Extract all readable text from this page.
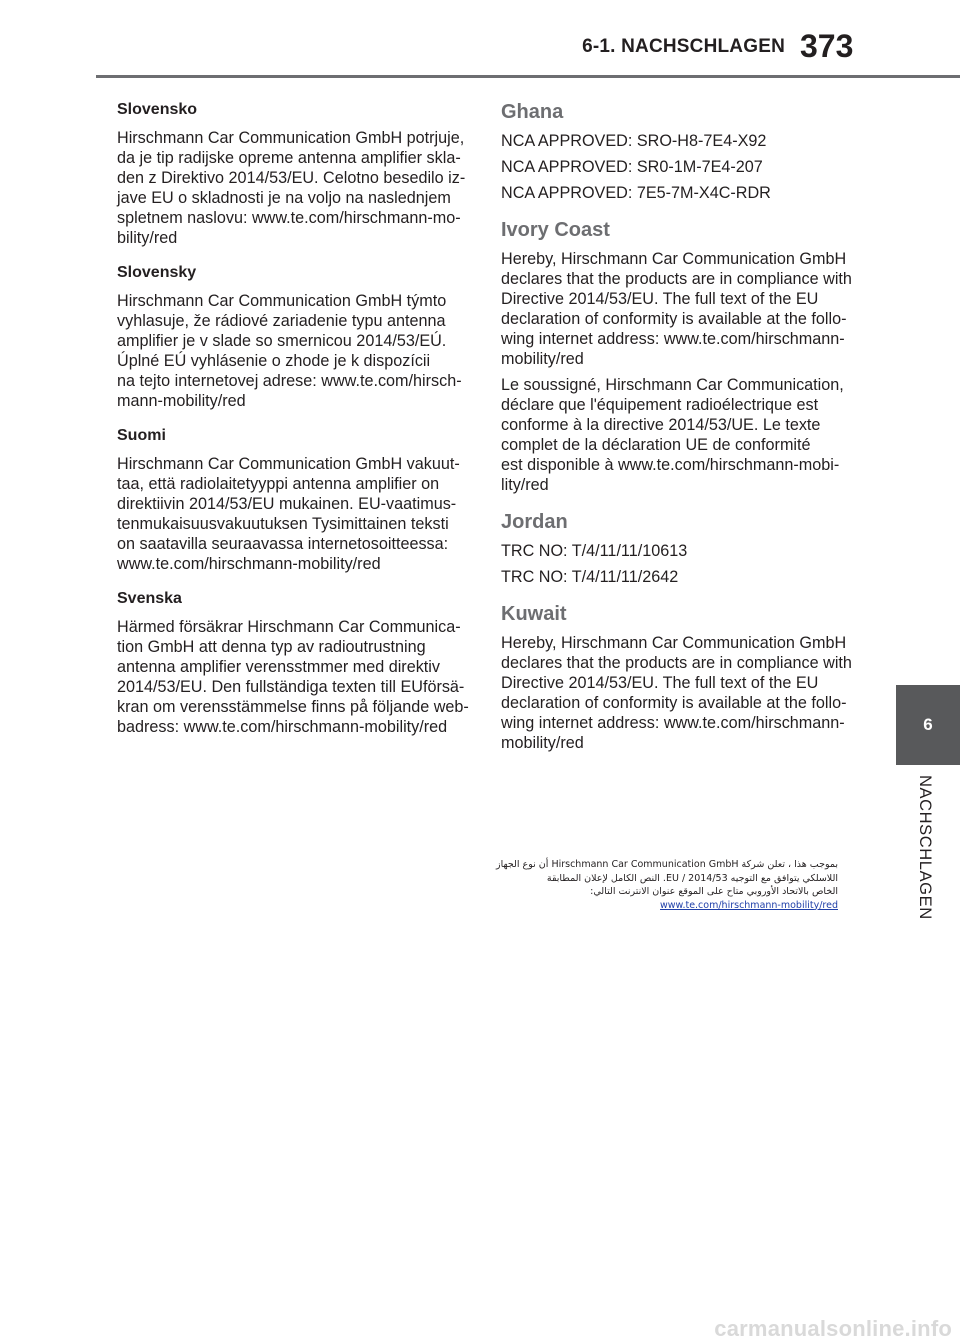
6-1. NACHSCHLAGEN 373
Slovensko
Hirschmann Car Communication GmbH potrjuje,
da je tip radijske opreme antenna amplifier skla-
den z Direktivo 2014/53/EU. Celotno besedilo iz-
jave EU o skladnosti je na voljo na naslednjem
spletnem naslovu: www.te.com/hirschmann-mo-
bility/red
Slovensky
Hirschmann Car Communication GmbH týmto
vyhlasuje, že rádiové zariadenie typu antenna
amplifier je v slade so smernicou 2014/53/EÚ.
Úplné EÚ vyhlásenie o zhode je k dispozícii
na tejto internetovej adrese: www.te.com/hirsch-
mann-mobility/red
Suomi
Hirschmann Car Communication GmbH vakuut-
taa, että radiolaitetyyppi antenna amplifier on
direktiivin 2014/53/EU mukainen. EU-vaatimus-
tenmukaisuusvakuutuksen Tysimittainen teksti
on saatavilla seuraavassa internetosoitteessa:
www.te.com/hirschmann-mobility/red
Svenska
Härmed försäkrar Hirschmann Car Communica-
tion GmbH att denna typ av radioutrustning
antenna amplifier verensstmmer med direktiv
2014/53/EU. Den fullständiga texten till EUförsä-
kran om verensstämmelse finns på följande web-
badress: www.te.com/hirschmann-mobility/red
Ghana
NCA APPROVED: SRO-H8-7E4-X92
NCA APPROVED: SR0-1M-7E4-207
NCA APPROVED: 7E5-7M-X4C-RDR
Ivory Coast
Hereby, Hirschmann Car Communication GmbH
declares that the products are in compliance with
Directive 2014/53/EU. The full text of the EU
declaration of conformity is available at the follo-
wing internet address: www.te.com/hirschmann-
mobility/red
Le soussigné, Hirschmann Car Communication,
déclare que l'équipement radioélectrique est
conforme à la directive 2014/53/UE. Le texte
complet de la déclaration UE de conformité
est disponible à www.te.com/hirschmann-mobi-
lity/red
Jordan
TRC NO: T/4/11/11/10613
TRC NO: T/4/11/11/2642
Kuwait
Hereby, Hirschmann Car Communication GmbH
declares that the products are in compliance with
Directive 2014/53/EU. The full text of the EU
declaration of conformity is available at the follo-
wing internet address: www.te.com/hirschmann-
mobility/red
بموجب هذا ، تعلن شركة Hirschmann Car Communication GmbH أن نوع الجهاز
اللاسلكي يتوافق مع التوجيه 2014/53 / EU. النص الكامل لإعلان المطابقة
الخاص بالاتحاد الأوروبي متاح على الموقع عنوان الانترنت التالي:
www.te.com/hirschmann-mobility/red
6
NACHSCHLAGEN
carmanualsonline.info
